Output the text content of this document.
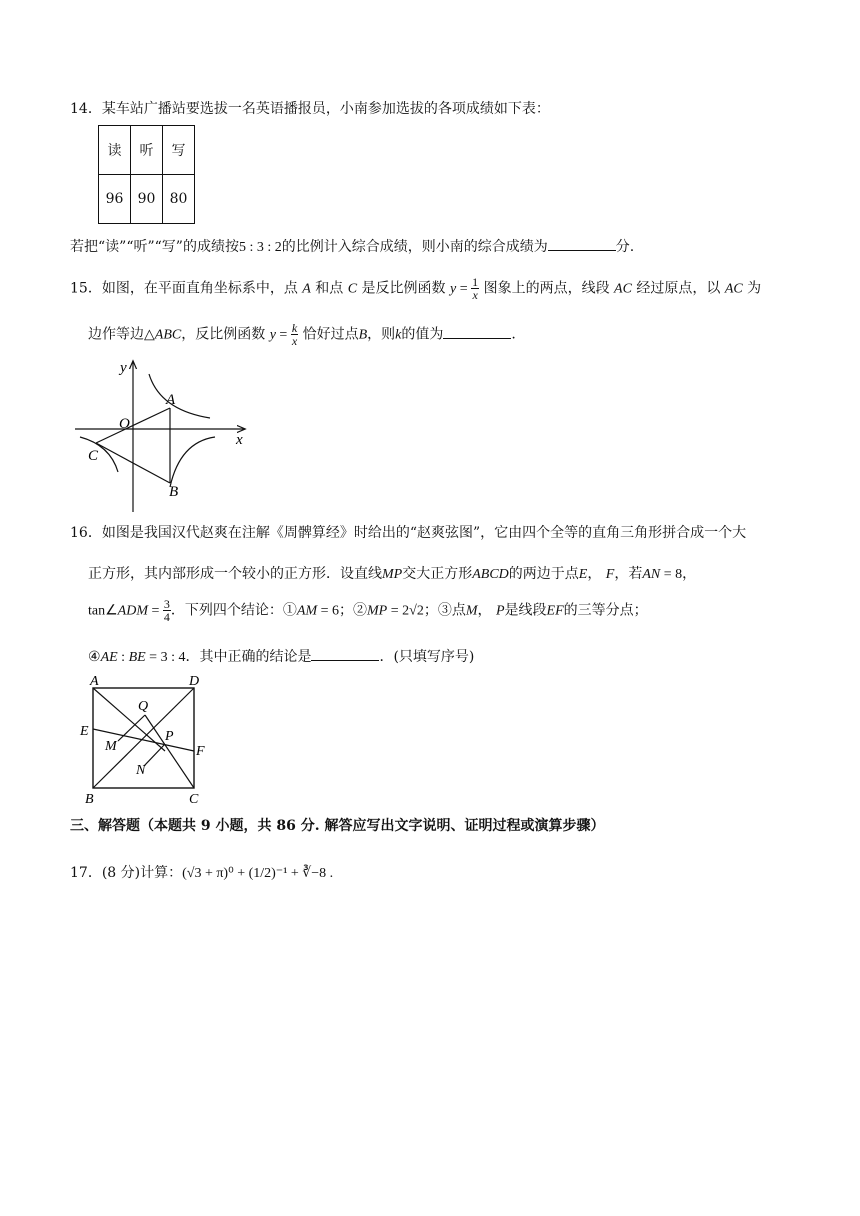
14．某车站广播站要选拔一名英语播报员，小南参加选拔的各项成绩如下表：
读	听	写
96	90	80
若把“读”“听”“写”的成绩按5 : 3 : 2的比例计入综合成绩，则小南的综合成绩为	分.
15．如图，在平面直角坐标系中，点 A 和点 C 是反比例函数 $y = \frac{1}{x}$ 图象上的两点，线段 AC 经过原点，以 AC 为
边作等边△ABC，反比例函数 $y = \frac{k}{x}$ 恰好过点B，则k的值为	.
y
x
O
A
C
B
16．如图是我国汉代赵爽在注解《周髀算经》时给出的“赵爽弦图”，它由四个全等的直角三角形拼合成一个大
正方形，其内部形成一个较小的正方形．设直线MP交大正方形ABCD的两边于点E， F，若AN = 8，
tan∠ADM = $\frac{3}{4}$ ．下列四个结论：①AM = 6；②MP = 2√2；③点M， P是线段EF的三等分点；
④AE : BE = 3 : 4．其中正确的结论是	．(只填写序号)
A	D
Q
E
M
P
F
N
B	C
三、解答题（本题共 9 小题，共 86 分. 解答应写出文字说明、证明过程或演算步骤）
17．(8 分)计算：(√3 + π)⁰ + (1/2)⁻¹ + ∛−8 .
